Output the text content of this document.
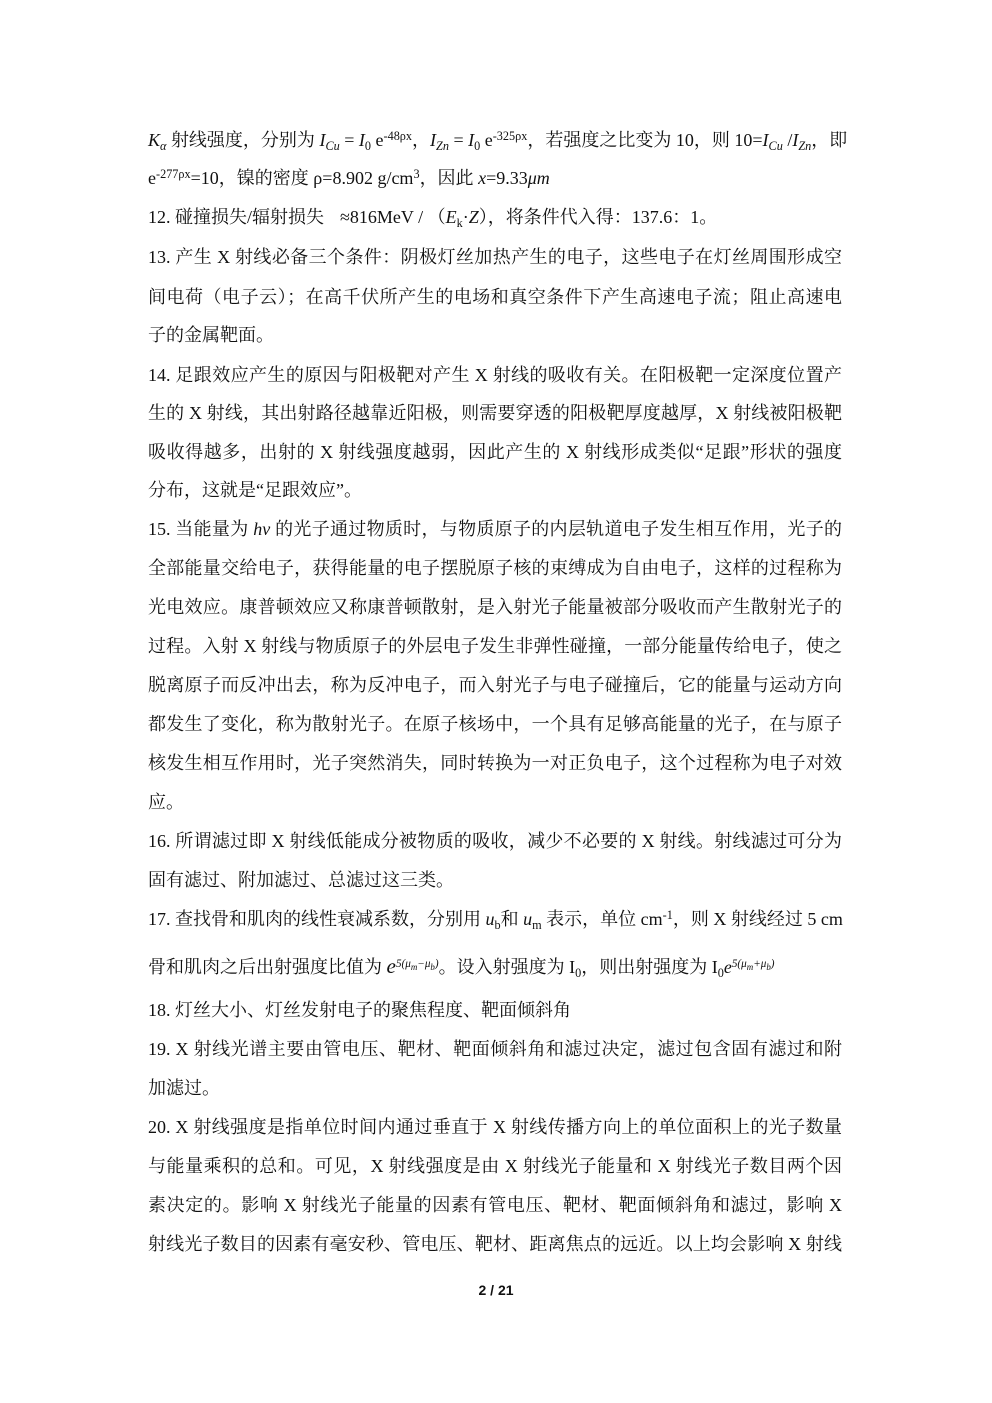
$K_\alpha$ 射线强度，分别为 $I_{Cu} = I_0$ $e^{-48\rho x}$，$I_{Zn} = I_0$ $e^{-325\rho x}$，若强度之比变为 10，则 $10=I_{Cu}$ $/I_{Zn}$，即
$e^{-277\rho x}=10$，镍的密度 ρ=8.902 $g/cm^3$，因此 x=9.33μm
12. 碰撞损失/辐射损失 $\approx 816MeV / (E_k\cdot Z)$，将条件代入得：137.6：1。
13. 产生 X 射线必备三个条件：阴极灯丝加热产生的电子，这些电子在灯丝周围形成空
间电荷（电子云）；在高千伏所产生的电场和真空条件下产生高速电子流；阻止高速电
子的金属靶面。
14. 足跟效应产生的原因与阳极靶对产生 X 射线的吸收有关。在阳极靶一定深度位置产
生的 X 射线，其出射路径越靠近阳极，则需要穿透的阳极靶厚度越厚，X 射线被阳极靶
吸收得越多，出射的 X 射线强度越弱，因此产生的 X 射线形成类似“足跟”形状的强度
分布，这就是“足跟效应”。
15. 当能量为 hv 的光子通过物质时，与物质原子的内层轨道电子发生相互作用，光子的
全部能量交给电子，获得能量的电子摆脱原子核的束缚成为自由电子，这样的过程称为
光电效应。康普顿效应又称康普顿散射，是入射光子能量被部分吸收而产生散射光子的
过程。入射 X 射线与物质原子的外层电子发生非弹性碰撞，一部分能量传给电子，使之
脱离原子而反冲出去，称为反冲电子，而入射光子与电子碰撞后，它的能量与运动方向
都发生了变化，称为散射光子。在原子核场中，一个具有足够高能量的光子，在与原子
核发生相互作用时，光子突然消失，同时转换为一对正负电子，这个过程称为电子对效
应。
16. 所谓滤过即 X 射线低能成分被物质的吸收，减少不必要的 X 射线。射线滤过可分为
固有滤过、附加滤过、总滤过这三类。
17. 查找骨和肌肉的线性衰减系数，分别用 $u_b$和 $u_m$ 表示，单位 $cm^{-1}$，则 X 射线经过 5 cm
骨和肌肉之后出射强度比值为 $e5(\mu_m-\mu_b)$。设入射强度为 $I_0$，则出射强度为 $I_0e5(\mu_m+\mu_b)$
18. 灯丝大小、灯丝发射电子的聚焦程度、靶面倾斜角
19. X 射线光谱主要由管电压、靶材、靶面倾斜角和滤过决定，滤过包含固有滤过和附
加滤过。
20. X 射线强度是指单位时间内通过垂直于 X 射线传播方向上的单位面积上的光子数量
与能量乘积的总和。可见，X 射线强度是由 X 射线光子能量和 X 射线光子数目两个因
素决定的。影响 X 射线光子能量的因素有管电压、靶材、靶面倾斜角和滤过，影响 X
射线光子数目的因素有毫安秒、管电压、靶材、距离焦点的远近。以上均会影响 X 射线
2 / 21
